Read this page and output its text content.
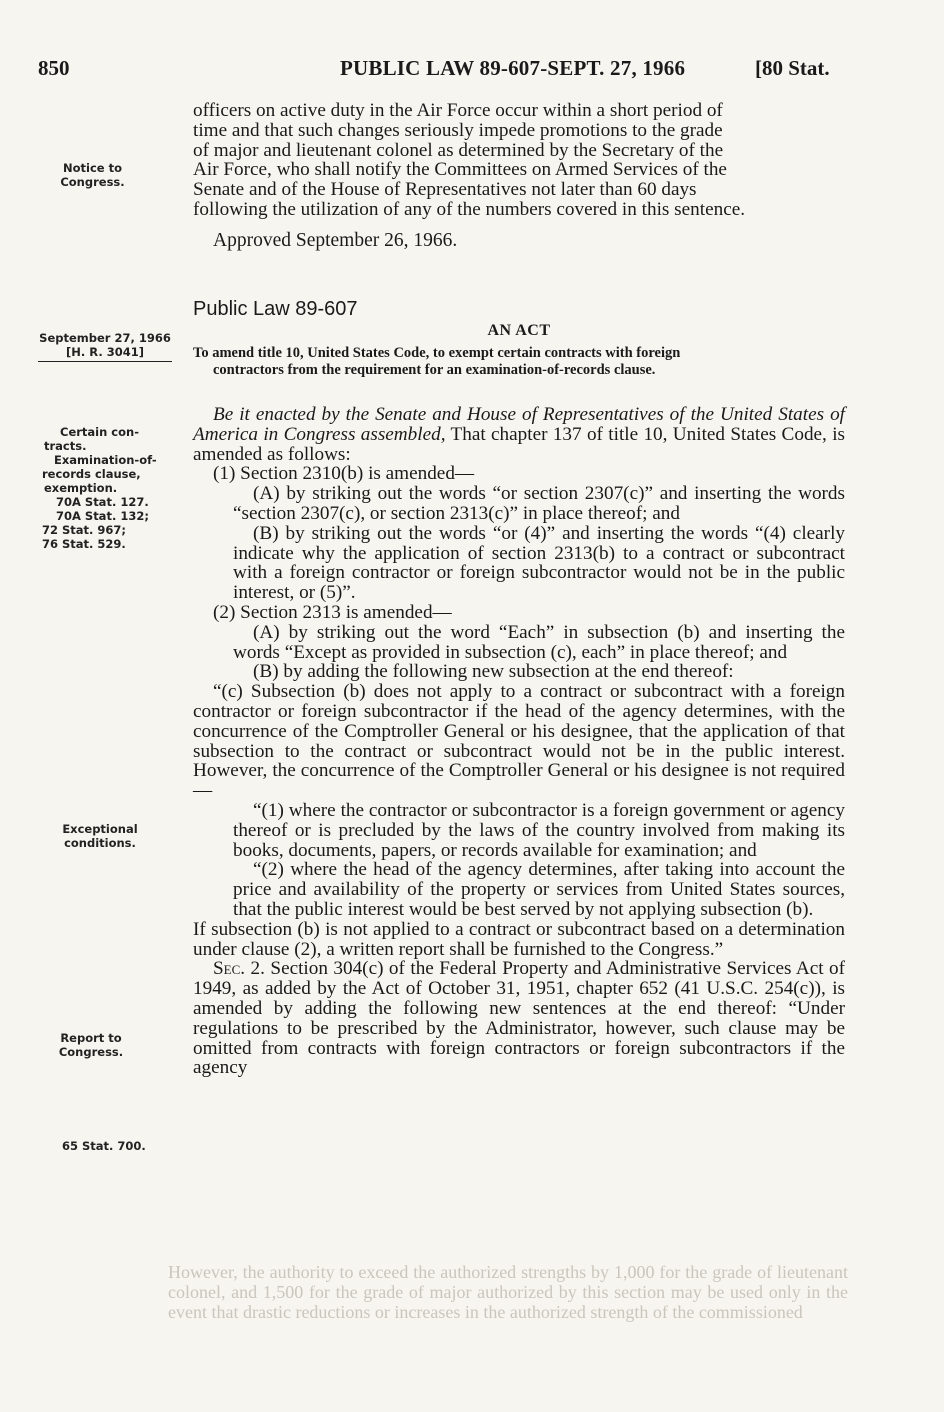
850	PUBLIC LAW 89-607-SEPT. 27, 1966	[80 Stat.
However, the authority to exceed the authorized strengths by 1,000 for the grade of lieutenant colonel, and 1,500 for the grade of major authorized by this section may be used only in the event that drastic reductions or increases in the authorized strength of the commissioned
Notice to
Congress.
September 27, 1966
[H. R. 3041]
Certain con-
tracts.
Examination-of-
records clause,
exemption.
70A Stat. 127.
70A Stat. 132;
72 Stat. 967;
76 Stat. 529.
Exceptional
conditions.
Report to
Congress.
65 Stat. 700.

officers on active duty in the Air Force occur within a short period of

time and that such changes seriously impede promotions to the grade

of major and lieutenant colonel as determined by the Secretary of the

Air Force, who shall notify the Committees on Armed Services of the

Senate and of the House of Representatives not later than 60 days

following the utilization of any of the numbers covered in this sentence.

Approved September 26, 1966.
Public Law 89-607
AN ACT
To amend title 10, United States Code, to exempt certain contracts with foreign
contractors from the requirement for an examination-of-records clause.

Be it enacted by the Senate and House of Representatives of the United States of America in Congress assembled, That chapter 137 of title 10, United States Code, is amended as follows:

(1) Section 2310(b) is amended—

(A) by striking out the words “or section 2307(c)” and inserting the words “section 2307(c), or section 2313(c)” in place thereof; and

(B) by striking out the words “or (4)” and inserting the words “(4) clearly indicate why the application of section 2313(b) to a contract or subcontract with a foreign contractor or foreign subcontractor would not be in the public interest, or (5)”.

(2) Section 2313 is amended—

(A) by striking out the word “Each” in subsection (b) and inserting the words “Except as provided in subsection (c), each” in place thereof; and

(B) by adding the following new subsection at the end thereof:

“(c) Subsection (b) does not apply to a contract or subcontract with a foreign contractor or foreign subcontractor if the head of the agency determines, with the concurrence of the Comptroller General or his designee, that the application of that subsection to the contract or subcontract would not be in the public interest. However, the concurrence of the Comptroller General or his designee is not required—

“(1) where the contractor or subcontractor is a foreign government or agency thereof or is precluded by the laws of the country involved from making its books, documents, papers, or records available for examination; and

“(2) where the head of the agency determines, after taking into account the price and availability of the property or services from United States sources, that the public interest would be best served by not applying subsection (b).

If subsection (b) is not applied to a contract or subcontract based on a determination under clause (2), a written report shall be furnished to the Congress.”

Sec. 2. Section 304(c) of the Federal Property and Administrative Services Act of 1949, as added by the Act of October 31, 1951, chapter 652 (41 U.S.C. 254(c)), is amended by adding the following new sentences at the end thereof: “Under regulations to be prescribed by the Administrator, however, such clause may be omitted from contracts with foreign contractors or foreign subcontractors if the agency
